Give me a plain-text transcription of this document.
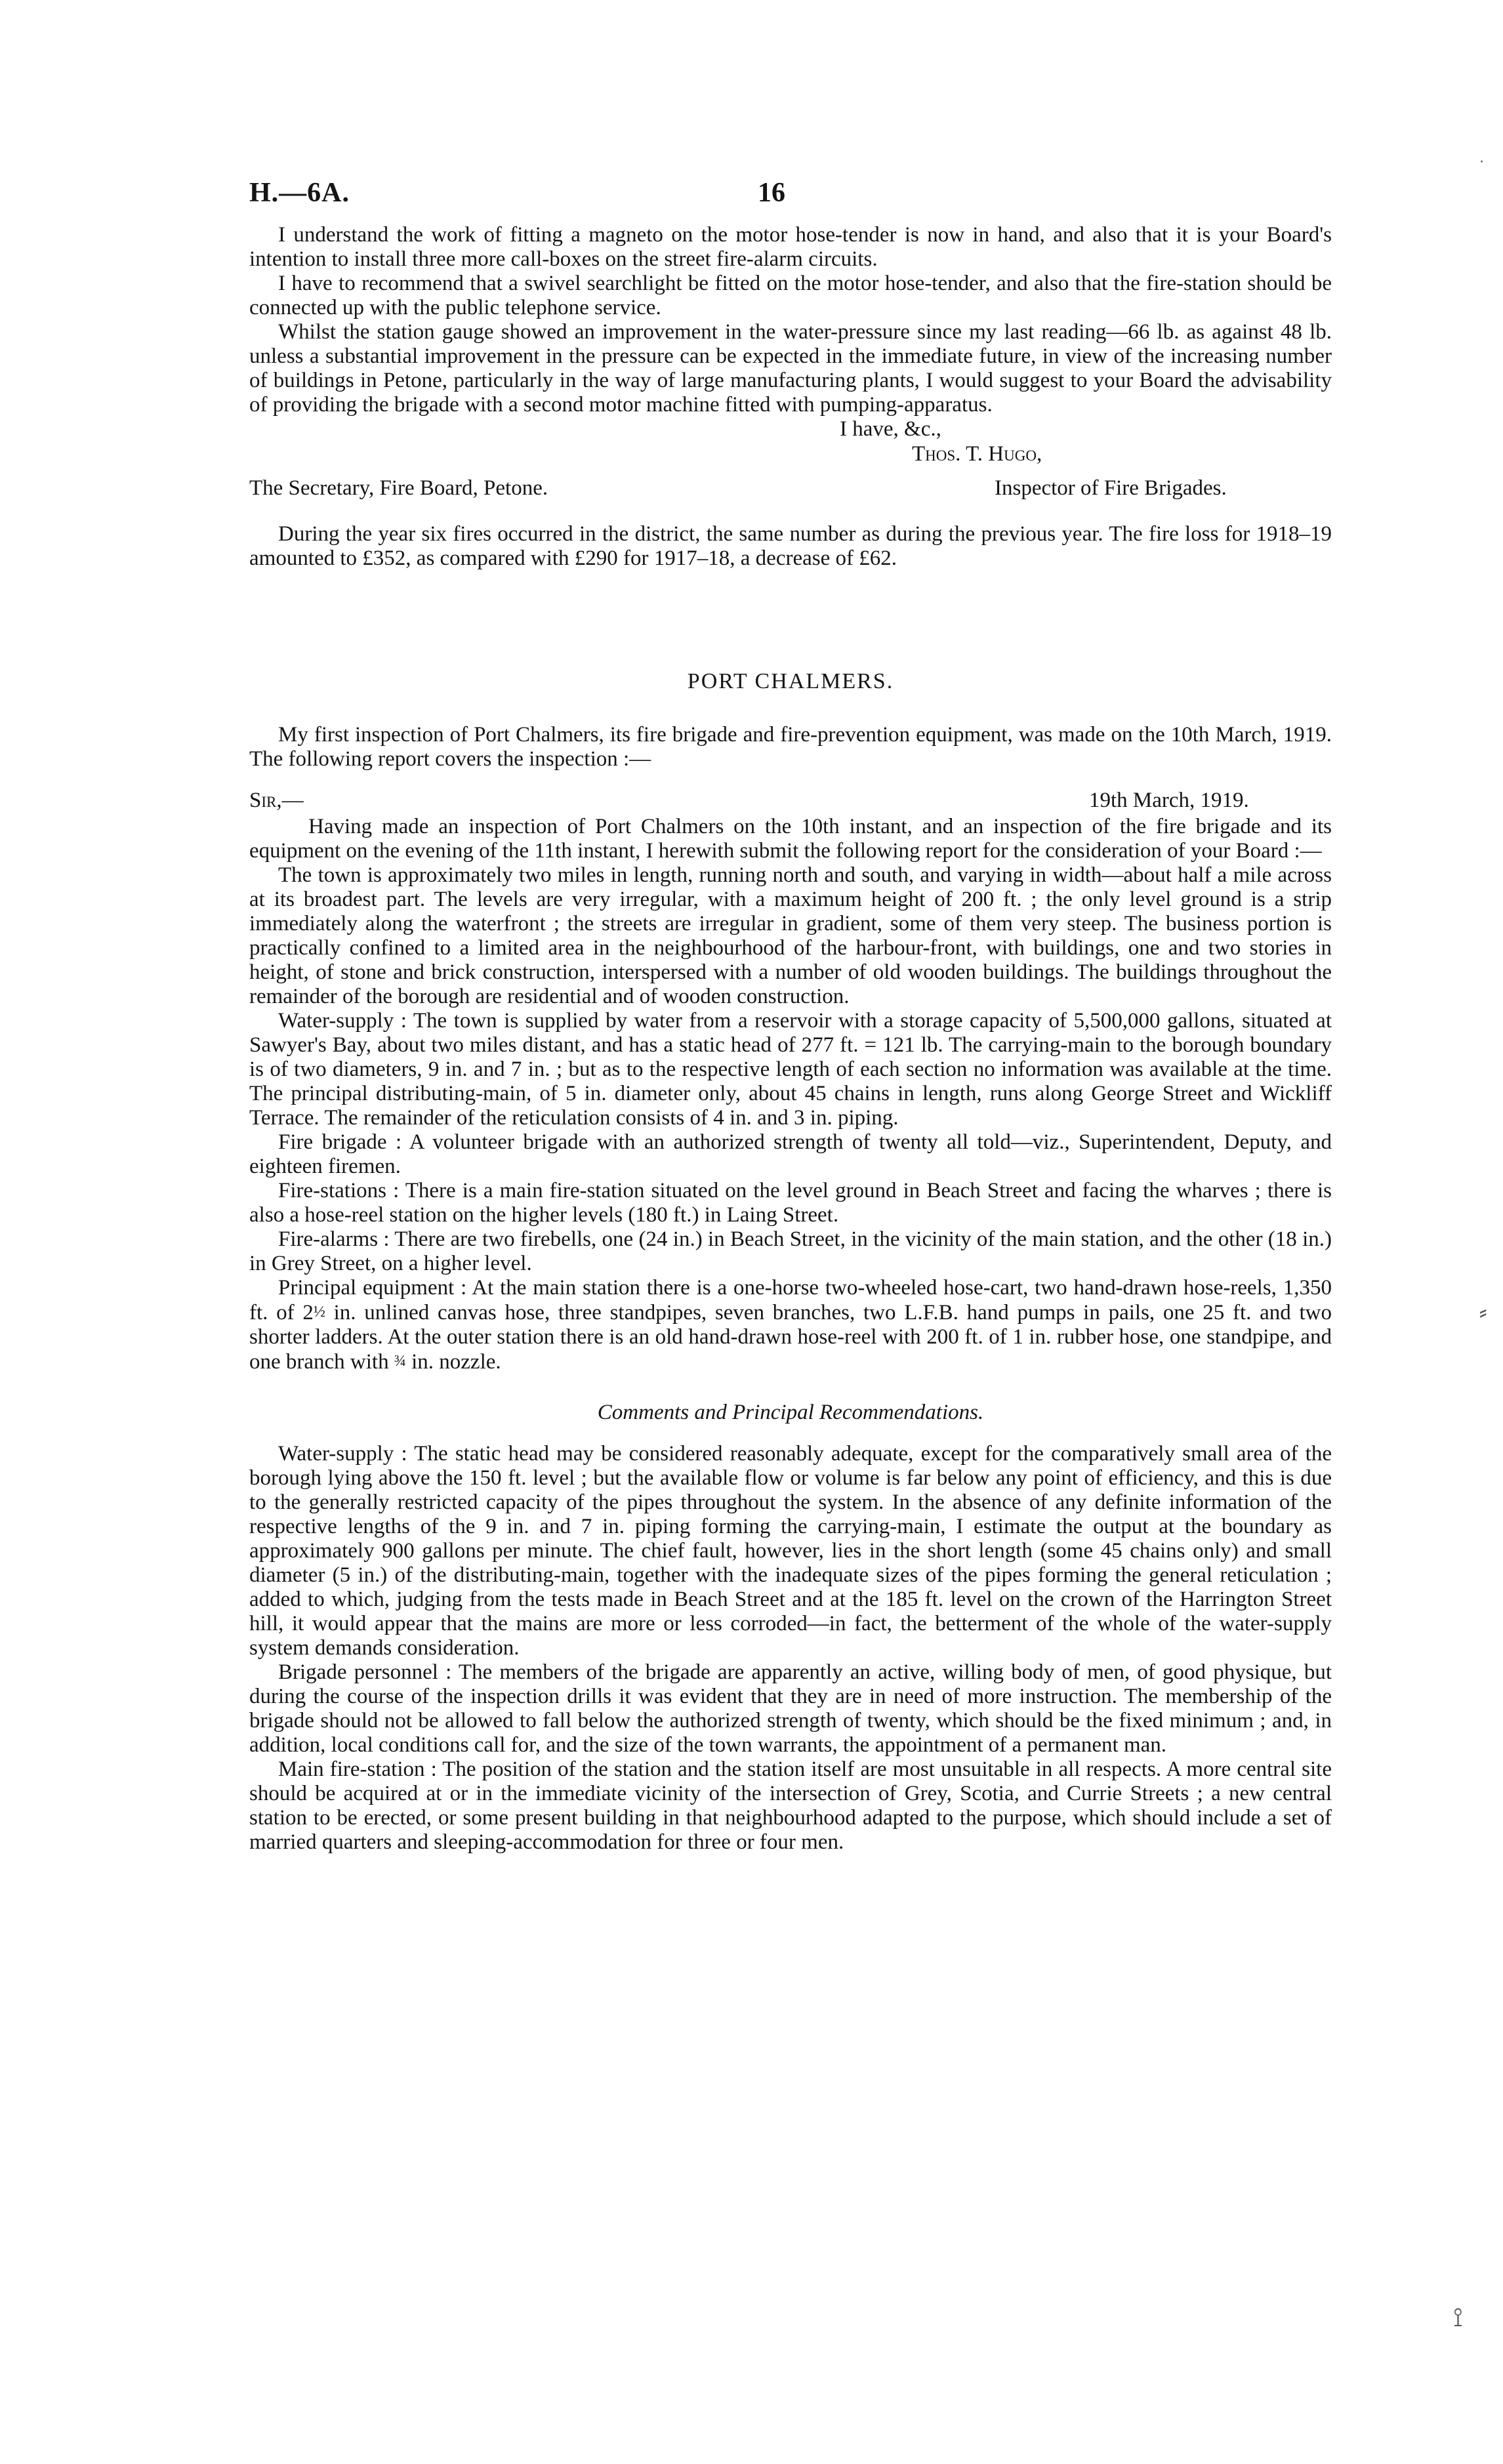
H.—6A.	16

I understand the work of fitting a magneto on the motor hose-tender is now in hand, and also that it is your Board's intention to install three more call-boxes on the street fire-alarm circuits.

I have to recommend that a swivel searchlight be fitted on the motor hose-tender, and also that the fire-station should be connected up with the public telephone service.

Whilst the station gauge showed an improvement in the water-pressure since my last reading—66 lb. as against 48 lb. unless a substantial improvement in the pressure can be expected in the immediate future, in view of the increasing number of buildings in Petone, particularly in the way of large manufacturing plants, I would suggest to your Board the advisability of providing the brigade with a second motor machine fitted with pumping-apparatus.

I have, &c.,
Thos. T. Hugo,
The Secretary, Fire Board, Petone.	Inspector of Fire Brigades.

During the year six fires occurred in the district, the same number as during the previous year. The fire loss for 1918–19 amounted to £352, as compared with £290 for 1917–18, a decrease of £62.

PORT CHALMERS.

My first inspection of Port Chalmers, its fire brigade and fire-prevention equipment, was made on the 10th March, 1919. The following report covers the inspection :—

Sir,—	19th March, 1919.

Having made an inspection of Port Chalmers on the 10th instant, and an inspection of the fire brigade and its equipment on the evening of the 11th instant, I herewith submit the following report for the consideration of your Board :—

The town is approximately two miles in length, running north and south, and varying in width—about half a mile across at its broadest part. The levels are very irregular, with a maximum height of 200 ft. ; the only level ground is a strip immediately along the waterfront ; the streets are irregular in gradient, some of them very steep. The business portion is practically confined to a limited area in the neighbourhood of the harbour-front, with buildings, one and two stories in height, of stone and brick construction, interspersed with a number of old wooden buildings. The buildings throughout the remainder of the borough are residential and of wooden construction.

Water-supply : The town is supplied by water from a reservoir with a storage capacity of 5,500,000 gallons, situated at Sawyer's Bay, about two miles distant, and has a static head of 277 ft. = 121 lb. The carrying-main to the borough boundary is of two diameters, 9 in. and 7 in. ; but as to the respective length of each section no information was available at the time. The principal distributing-main, of 5 in. diameter only, about 45 chains in length, runs along George Street and Wickliff Terrace. The remainder of the reticulation consists of 4 in. and 3 in. piping.

Fire brigade : A volunteer brigade with an authorized strength of twenty all told—viz., Superintendent, Deputy, and eighteen firemen.

Fire-stations : There is a main fire-station situated on the level ground in Beach Street and facing the wharves ; there is also a hose-reel station on the higher levels (180 ft.) in Laing Street.

Fire-alarms : There are two firebells, one (24 in.) in Beach Street, in the vicinity of the main station, and the other (18 in.) in Grey Street, on a higher level.

Principal equipment : At the main station there is a one-horse two-wheeled hose-cart, two hand-drawn hose-reels, 1,350 ft. of 2½ in. unlined canvas hose, three standpipes, seven branches, two L.F.B. hand pumps in pails, one 25 ft. and two shorter ladders. At the outer station there is an old hand-drawn hose-reel with 200 ft. of 1 in. rubber hose, one standpipe, and one branch with ¾ in. nozzle.

Comments and Principal Recommendations.

Water-supply : The static head may be considered reasonably adequate, except for the comparatively small area of the borough lying above the 150 ft. level ; but the available flow or volume is far below any point of efficiency, and this is due to the generally restricted capacity of the pipes throughout the system. In the absence of any definite information of the respective lengths of the 9 in. and 7 in. piping forming the carrying-main, I estimate the output at the boundary as approximately 900 gallons per minute. The chief fault, however, lies in the short length (some 45 chains only) and small diameter (5 in.) of the distributing-main, together with the inadequate sizes of the pipes forming the general reticulation ; added to which, judging from the tests made in Beach Street and at the 185 ft. level on the crown of the Harrington Street hill, it would appear that the mains are more or less corroded—in fact, the betterment of the whole of the water-supply system demands consideration.

Brigade personnel : The members of the brigade are apparently an active, willing body of men, of good physique, but during the course of the inspection drills it was evident that they are in need of more instruction. The membership of the brigade should not be allowed to fall below the authorized strength of twenty, which should be the fixed minimum ; and, in addition, local conditions call for, and the size of the town warrants, the appointment of a permanent man.

Main fire-station : The position of the station and the station itself are most unsuitable in all respects. A more central site should be acquired at or in the immediate vicinity of the intersection of Grey, Scotia, and Currie Streets ; a new central station to be erected, or some present building in that neighbourhood adapted to the purpose, which should include a set of married quarters and sleeping-accommodation for three or four men.

·
⸗
⟟
